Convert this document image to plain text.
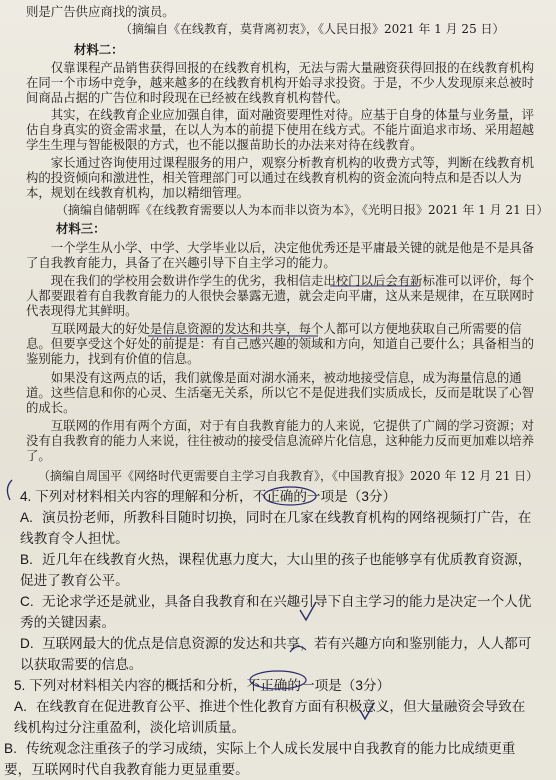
则是广告供应商找的演员。
（摘编自《在线教育，莫背离初衷》，《人民日报》2021 年 1 月 25 日）
材料二：
仅靠课程产品销售获得回报的在线教育机构，无法与需大量融资获得回报的在线教育机构在同一个市场中竞争，越来越多的在线教育机构开始寻求投资。于是，不少人发现原来总被时间商品占据的广告位和时段现在已经被在线教育机构替代。
其实，在线教育企业应加强自律，面对融资要理性对待。应基于自身的体量与业务量，评估自身真实的资金需求量，在以人为本的前提下使用在线方式。不能片面追求市场、采用超越学生生理与智能极限的方式，也不能以揠苗助长的办法来对待在线教育。
家长通过咨询使用过课程服务的用户，观察分析教育机构的收费方式等，判断在线教育机构的投资倾向和激进性，相关管理部门可以通过在线教育机构的资金流向特点和是否以人为本，规划在线教育机构，加以精细管理。
（摘编自储朝晖《在线教育需要以人为本而非以资为本》，《光明日报》2021 年 1 月 21 日）
材料三：
一个学生从小学、中学、大学毕业以后，决定他优秀还是平庸最关键的就是他是不是具备了自我教育能力，具备了在兴趣引导下自主学习的能力。
现在我们的学校用会数讲作学生的优劣，我相信走出校门以后会有新标准可以评价，每个人都要跟着有自我教育能力的人很快会暴露无遗，就会走向平庸，这从来是规律，在互联网时代表现得尤其鲜明。
互联网最大的好处是信息资源的发达和共享，每个人都可以方便地获取自己所需要的信息。但要享受这个好处的前提是：有自己感兴趣的领域和方向，知道自己要什么；具备相当的鉴别能力，找到有价值的信息。
如果没有这两点的话，我们就像是面对湖水涌来，被动地接受信息，成为海量信息的通道。这些信息和你的心灵、生活毫无关系，所以它不是促进我们实质成长，反而是耽误了心智的成长。
互联网的作用有两个方面，对于有自我教育能力的人来说，它提供了广阔的学习资源；对没有自我教育的能力人来说，往往被动的接受信息流碎片化信息，这种能力反而更加难以培养了。
（摘编自周国平《网络时代更需要自主学习自我教育》，《中国教育报》2020 年 12 月 21 日）
4. 下列对材料相关内容的理解和分析，不正确的一项是（3分）
A. 演员扮老师，所教科目随时切换，同时在几家在线教育机构的网络视频打广告，在线教育令人担忧。
B. 近几年在线教育火热，课程优惠力度大，大山里的孩子也能够享有优质教育资源，促进了教育公平。
C. 无论求学还是就业，具备自我教育和在兴趣引导下自主学习的能力是决定一个人优秀的关键因素。
D. 互联网最大的优点是信息资源的发达和共享，若有兴趣方向和鉴别能力，人人都可以获取需要的信息。
5. 下列对材料相关内容的概括和分析，不正确的一项是（3分）
A. 在线教育在促进教育公平、推进个性化教育方面有积极意义，但大量融资会导致在线机构过分注重盈利，淡化培训质量。
B. 传统观念注重孩子的学习成绩，实际上个人成长发展中自我教育的能力比成绩更重要，互联网时代自我教育能力更显重要。
